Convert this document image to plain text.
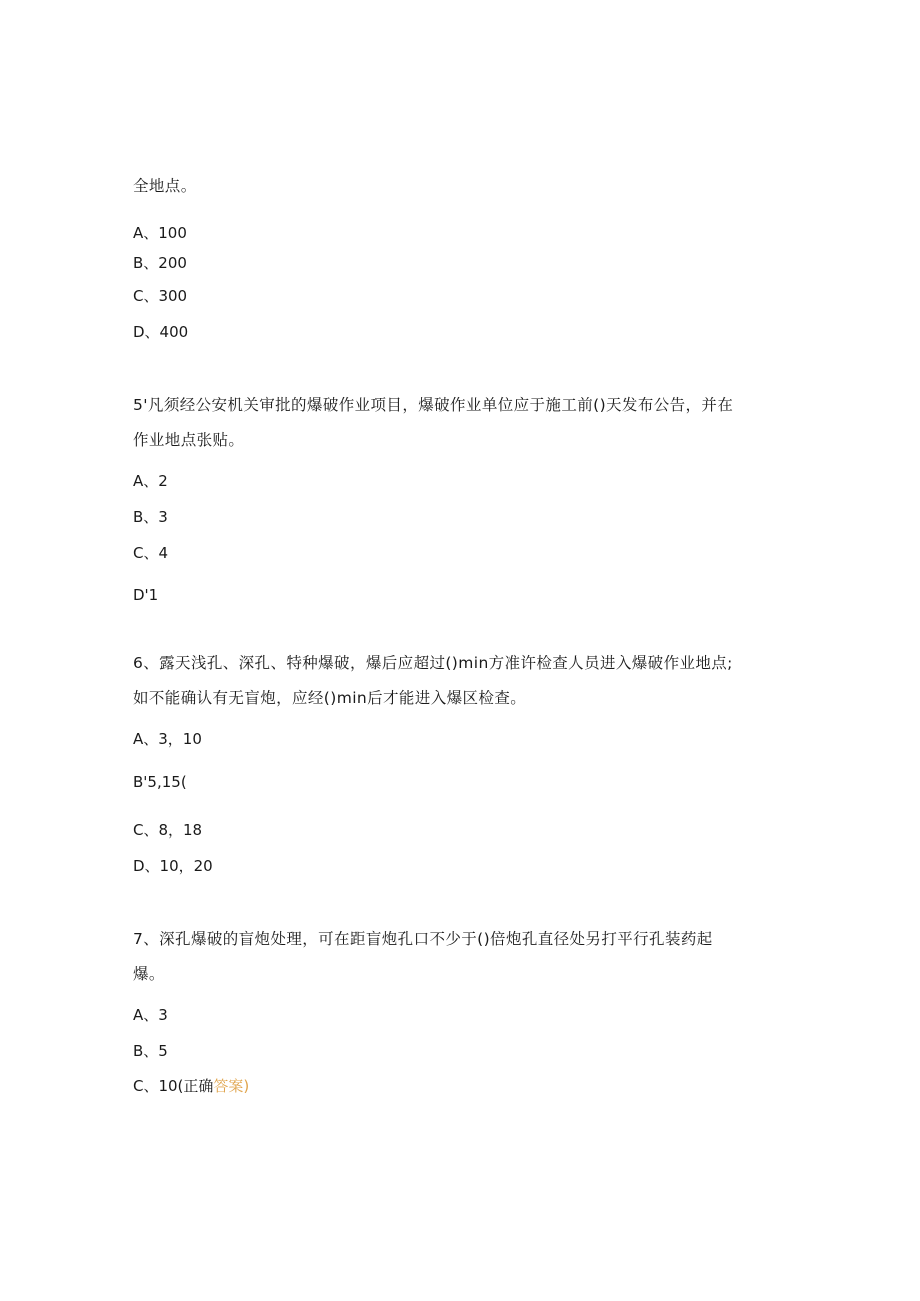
全地点。
A、100
B、200
C、300
D、400
5'凡须经公安机关审批的爆破作业项目，爆破作业单位应于施工前()天发布公告，并在
作业地点张贴。
A、2
B、3
C、4
D'1
6、露天浅孔、深孔、特种爆破，爆后应超过()min方准许检查人员进入爆破作业地点;
如不能确认有无盲炮，应经()min后才能进入爆区检查。
A、3，10
B'5,15(
C、8，18
D、10，20
7、深孔爆破的盲炮处理，可在距盲炮孔口不少于()倍炮孔直径处另打平行孔装药起
爆。
A、3
B、5
C、10(正确答案)
